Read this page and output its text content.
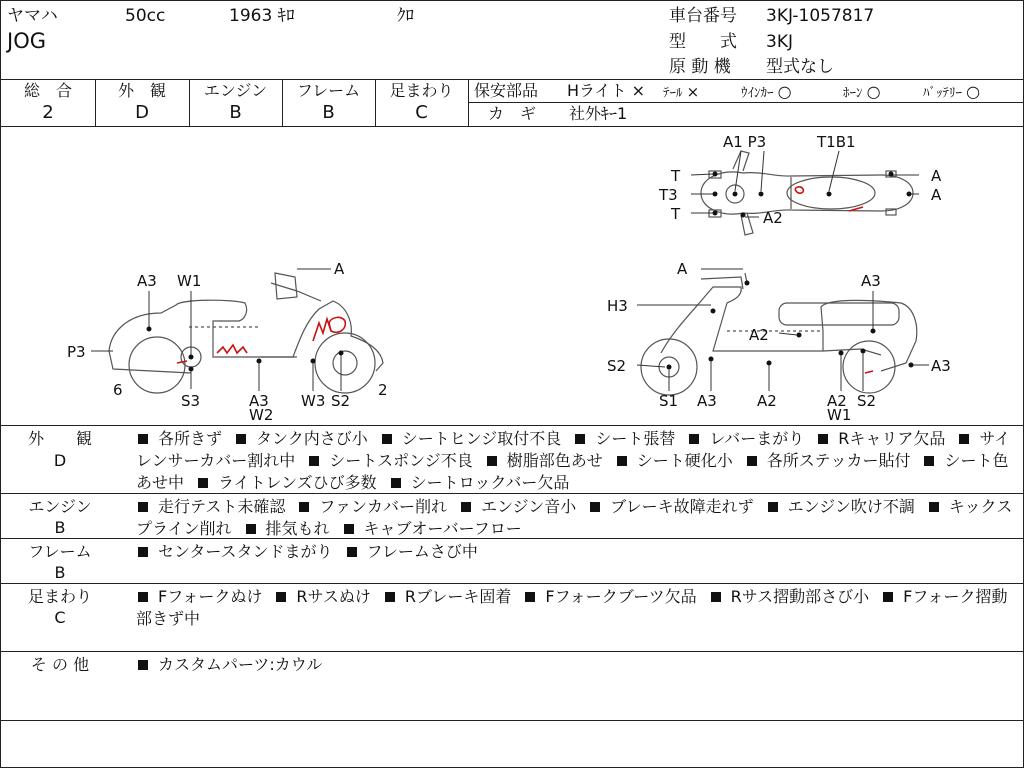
ヤマハ	50cc	1963 ｷﾛ	ｸﾛ
JOG
車台番号 3KJ-1057817
型　　式 3KJ
原 動 機 型式なし
総　合
2
外　観
D
エンジン
B
フレーム
B
足まわり
C
保安部品 Hライト × ﾃｰﾙ ×	ｳｲﾝｶｰ ○	ﾎｰﾝ ○	ﾊﾞｯﾃﾘｰ ○
カ　ギ 社外ｷｰ1
A1 P3	T1B1
T
T3
T
A
A
A2
A3 W1
A
P3
6
S3	A3
W2
W3 S2
2
A
A3
H3
A2
S2
S1 A3	A2	A2 S2
W1
A3
外　　観
D
各所きず タンク内さび小 シートヒンジ取付不良 シート張替 レバーまがり Rキャリア欠品 サイレンサーカバー割れ中 シートスポンジ不良 樹脂部色あせ シート硬化小 各所ステッカー貼付 シート色あせ中 ライトレンズひび多数 シートロックバー欠品
エンジン
B
走行テスト未確認 ファンカバー削れ エンジン音小 ブレーキ故障走れず エンジン吹け不調 キックスプライン削れ 排気もれ キャブオーバーフロー
フレーム
B
センタースタンドまがり フレームさび中
足まわり
C
Fフォークぬけ Rサスぬけ Rブレーキ固着 Fフォークブーツ欠品 Rサス摺動部さび小 Fフォーク摺動部きず中
そ の 他	カスタムパーツ:カウル
